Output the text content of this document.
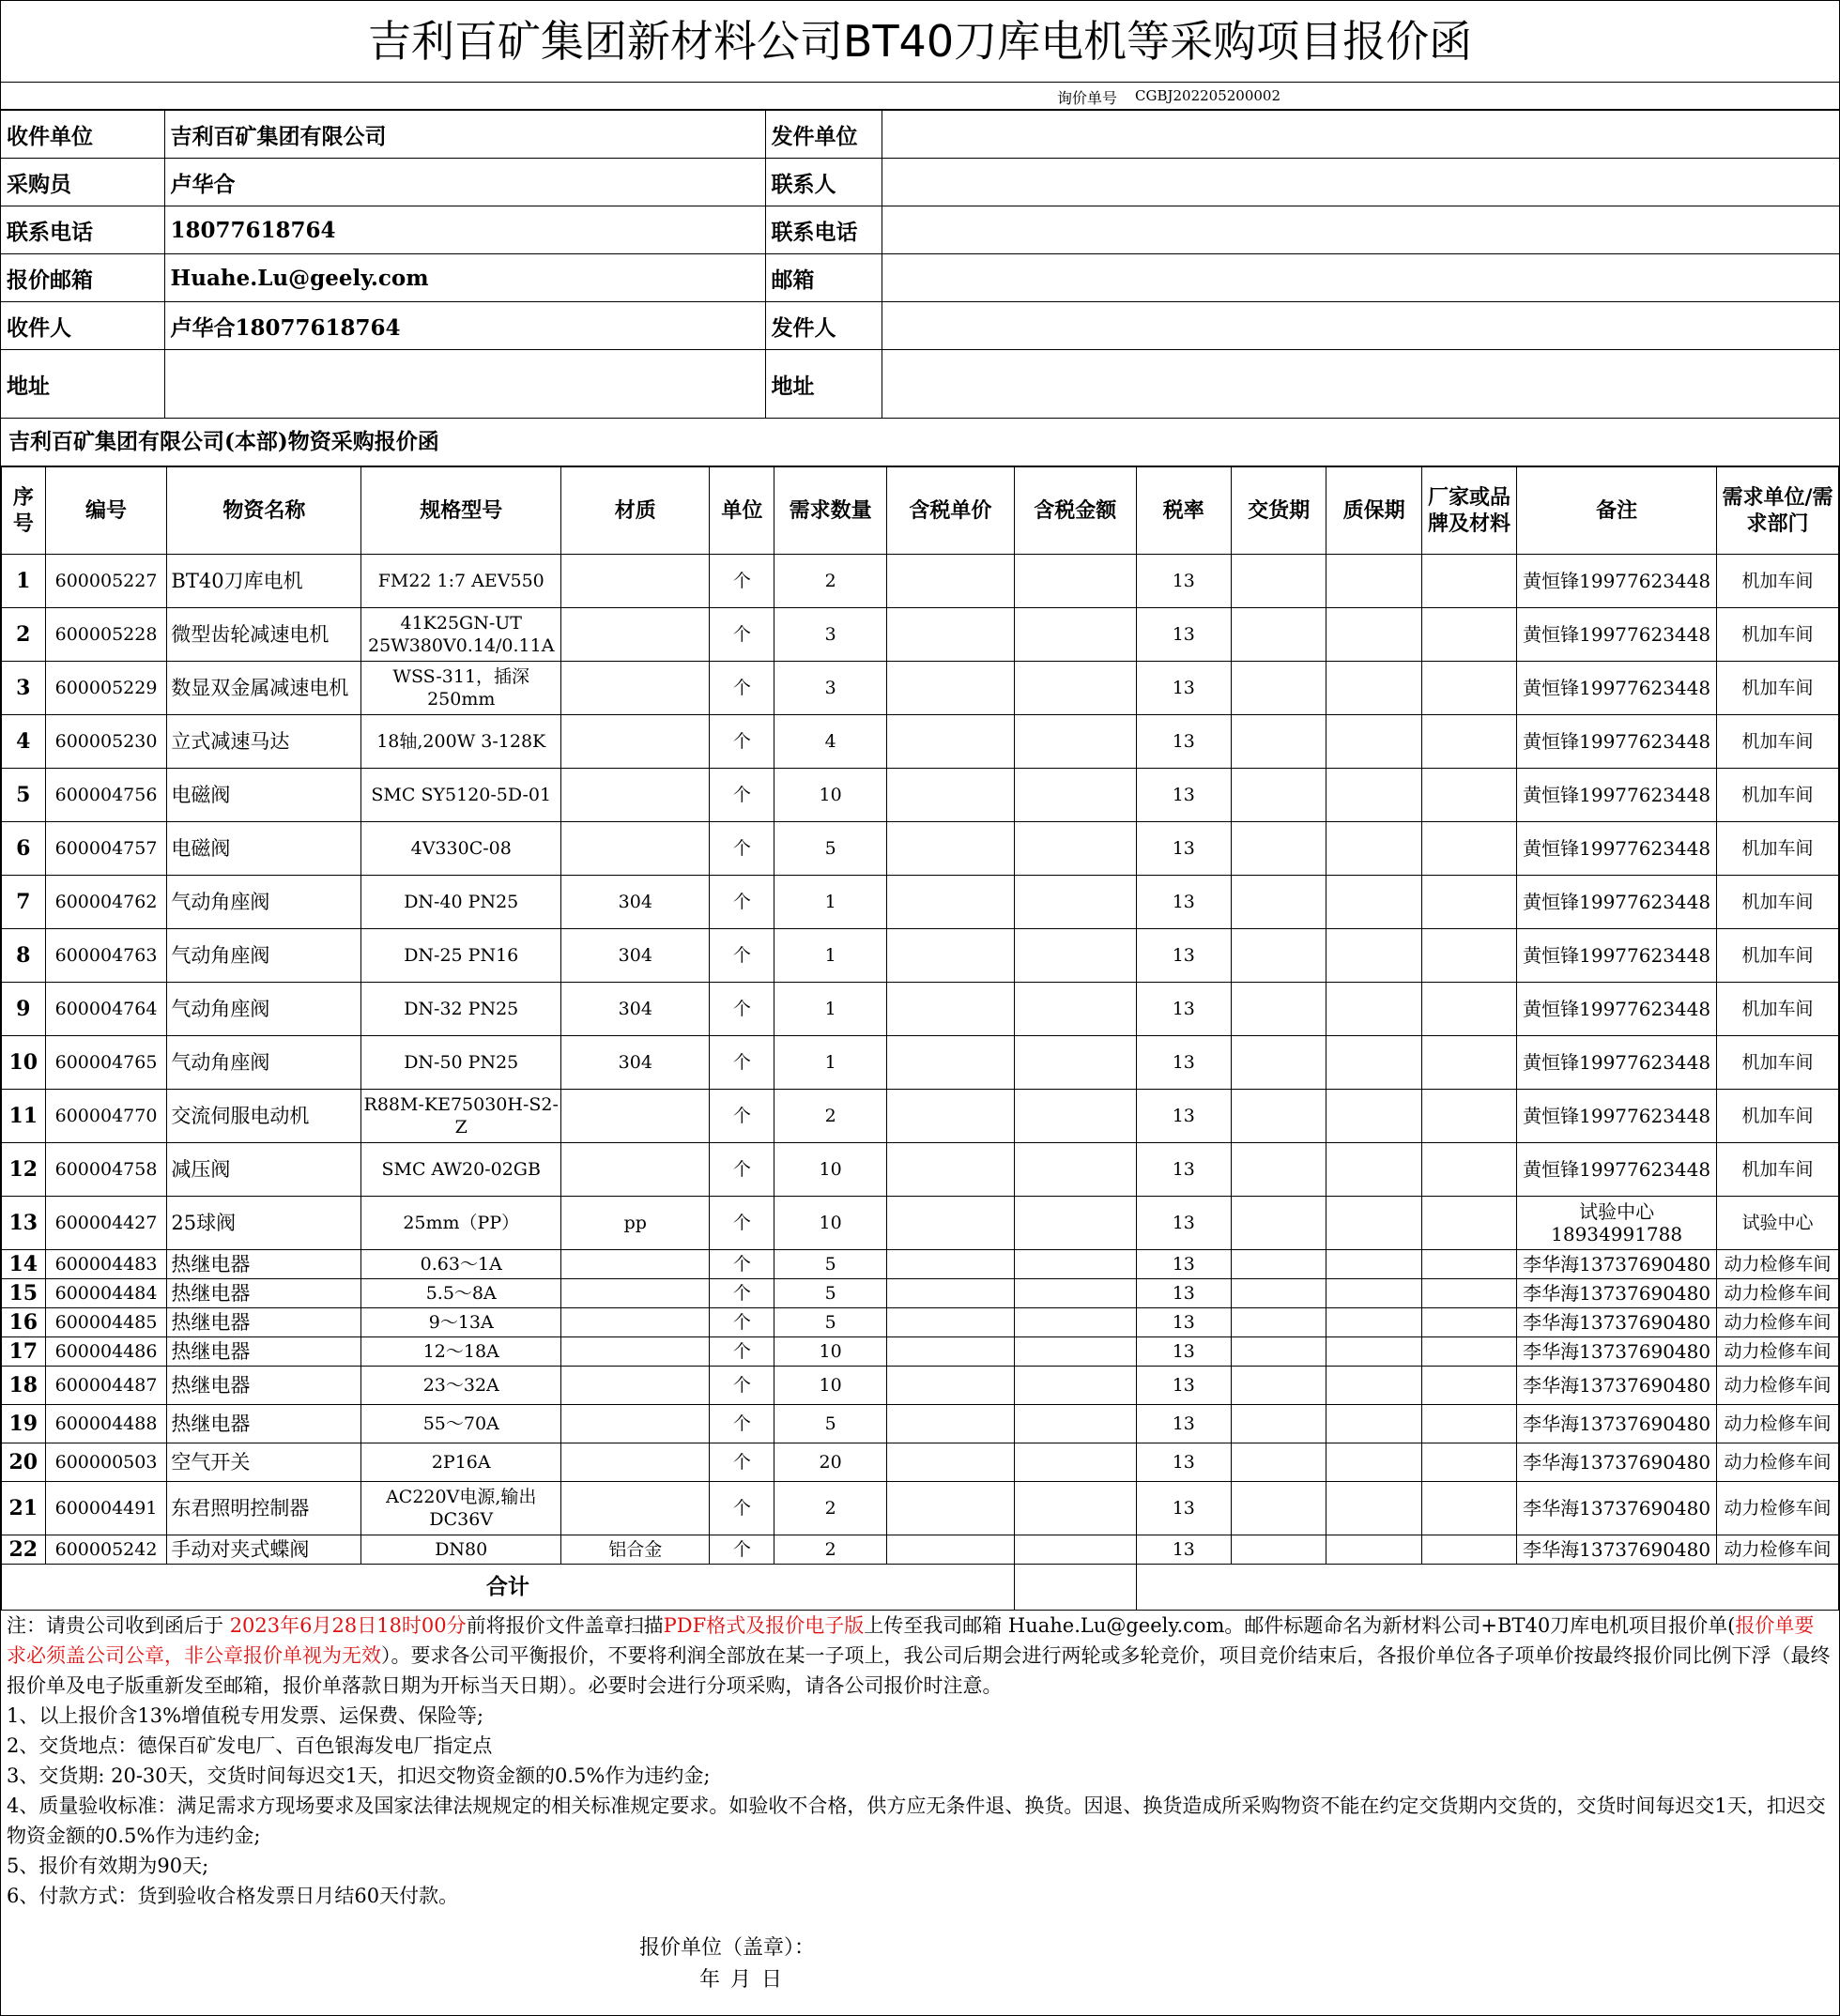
吉利百矿集团新材料公司BT40刀库电机等采购项目报价函
询价单号 CGBJ202205200002
收件单位	吉利百矿集团有限公司	发件单位	
采购员	卢华合	联系人	
联系电话	18077618764	联系电话	
报价邮箱	Huahe.Lu@geely.com	邮箱	
收件人	卢华合18077618764	发件人	
地址		地址	
吉利百矿集团有限公司(本部)物资采购报价函
序号	编号	物资名称	规格型号	材质	单位	需求数量	含税单价	含税金额	税率	交货期	质保期	厂家或品牌及材料	备注	需求单位/需求部门
1	600005227	BT40刀库电机	FM22 1:7 AEV550		个	2			13				黄恒锋19977623448	机加车间
2	600005228	微型齿轮减速电机	41K25GN-UT 25W380V0.14/0.11A		个	3			13				黄恒锋19977623448	机加车间
3	600005229	数显双金属减速电机	WSS-311，插深250mm		个	3			13				黄恒锋19977623448	机加车间
4	600005230	立式减速马达	18轴,200W 3-128K		个	4			13				黄恒锋19977623448	机加车间
5	600004756	电磁阀	SMC SY5120-5D-01		个	10			13				黄恒锋19977623448	机加车间
6	600004757	电磁阀	4V330C-08		个	5			13				黄恒锋19977623448	机加车间
7	600004762	气动角座阀	DN-40 PN25	304	个	1			13				黄恒锋19977623448	机加车间
8	600004763	气动角座阀	DN-25 PN16	304	个	1			13				黄恒锋19977623448	机加车间
9	600004764	气动角座阀	DN-32 PN25	304	个	1			13				黄恒锋19977623448	机加车间
10	600004765	气动角座阀	DN-50 PN25	304	个	1			13				黄恒锋19977623448	机加车间
11	600004770	交流伺服电动机	R88M-KE75030H-S2-Z		个	2			13				黄恒锋19977623448	机加车间
12	600004758	减压阀	SMC AW20-02GB		个	10			13				黄恒锋19977623448	机加车间
13	600004427	25球阀	25mm（PP）	pp	个	10			13				试验中心18934991788	试验中心
14	600004483	热继电器	0.63～1A		个	5			13				李华海13737690480	动力检修车间
15	600004484	热继电器	5.5～8A		个	5			13				李华海13737690480	动力检修车间
16	600004485	热继电器	9～13A		个	5			13				李华海13737690480	动力检修车间
17	600004486	热继电器	12～18A		个	10			13				李华海13737690480	动力检修车间
18	600004487	热继电器	23～32A		个	10			13				李华海13737690480	动力检修车间
19	600004488	热继电器	55～70A		个	5			13				李华海13737690480	动力检修车间
20	600000503	空气开关	2P16A		个	20			13				李华海13737690480	动力检修车间
21	600004491	东君照明控制器	AC220V电源,输出DC36V		个	2			13				李华海13737690480	动力检修车间
22	600005242	手动对夹式蝶阀	DN80	铝合金	个	2			13				李华海13737690480	动力检修车间
合计														
注：请贵公司收到函后于 2023年6月28日18时00分前将报价文件盖章扫描PDF格式及报价电子版上传至我司邮箱 Huahe.Lu@geely.com。邮件标题命名为新材料公司+BT40刀库电机项目报价单(报价单要求必须盖公司公章，非公章报价单视为无效）。要求各公司平衡报价，不要将利润全部放在某一子项上，我公司后期会进行两轮或多轮竞价，项目竞价结束后，各报价单位各子项单价按最终报价同比例下浮（最终报价单及电子版重新发至邮箱，报价单落款日期为开标当天日期）。必要时会进行分项采购，请各公司报价时注意。
1、以上报价含13%增值税专用发票、运保费、保险等;
2、交货地点：德保百矿发电厂、百色银海发电厂指定点
3、交货期: 20-30天，交货时间每迟交1天，扣迟交物资金额的0.5%作为违约金;
4、质量验收标准：满足需求方现场要求及国家法律法规规定的相关标准规定要求。如验收不合格，供方应无条件退、换货。因退、换货造成所采购物资不能在约定交货期内交货的，交货时间每迟交1天，扣迟交物资金额的0.5%作为违约金;
5、报价有效期为90天;
6、付款方式：货到验收合格发票日月结60天付款。
报价单位（盖章）：
年 月 日
